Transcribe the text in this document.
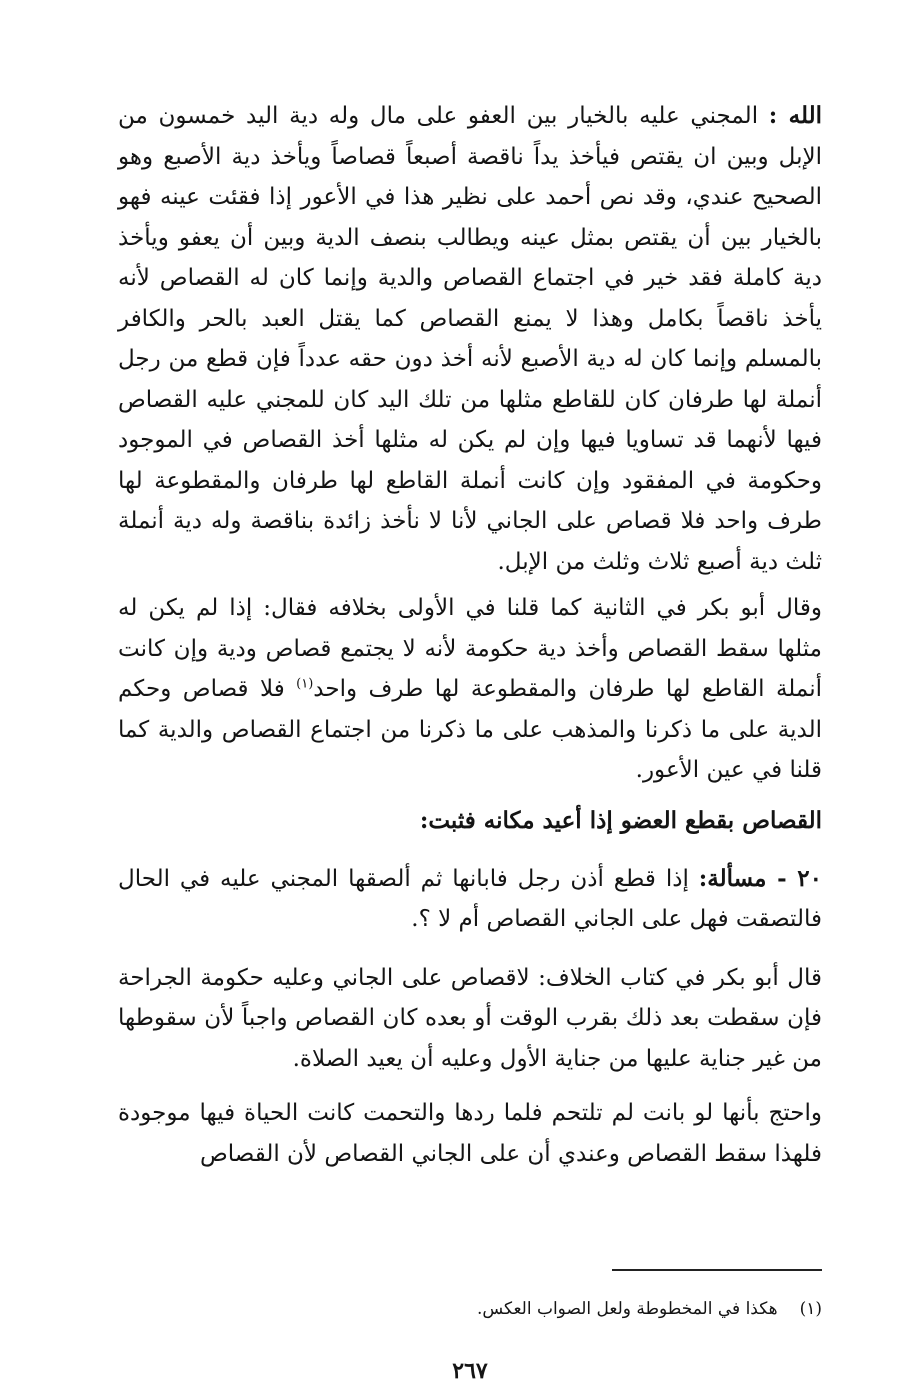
الله : المجني عليه بالخيار بين العفو على مال وله دية اليد خمسون من الإبل وبين ان يقتص فيأخذ يداً ناقصة أصبعاً قصاصاً ويأخذ دية الأصبع وهو الصحيح عندي، وقد نص أحمد على نظير هذا في الأعور إذا فقئت عينه فهو بالخيار بين أن يقتص بمثل عينه ويطالب بنصف الدية وبين أن يعفو ويأخذ دية كاملة فقد خير في اجتماع القصاص والدية وإنما كان له القصاص لأنه يأخذ ناقصاً بكامل وهذا لا يمنع القصاص كما يقتل العبد بالحر والكافر بالمسلم وإنما كان له دية الأصبع لأنه أخذ دون حقه عدداً فإن قطع من رجل أنملة لها طرفان كان للقاطع مثلها من تلك اليد كان للمجني عليه القصاص فيها لأنهما قد تساويا فيها وإن لم يكن له مثلها أخذ القصاص في الموجود وحكومة في المفقود وإن كانت أنملة القاطع لها طرفان والمقطوعة لها طرف واحد فلا قصاص على الجاني لأنا لا نأخذ زائدة بناقصة وله دية أنملة ثلث دية أصبع ثلاث وثلث من الإبل.

وقال أبو بكر في الثانية كما قلنا في الأولى بخلافه فقال: إذا لم يكن له مثلها سقط القصاص وأخذ دية حكومة لأنه لا يجتمع قصاص ودية وإن كانت أنملة القاطع لها طرفان والمقطوعة لها طرف واحد$^{(١)}$ فلا قصاص وحكم الدية على ما ذكرنا والمذهب على ما ذكرنا من اجتماع القصاص والدية كما قلنا في عين الأعور.

القصاص بقطع العضو إذا أعيد مكانه فثبت:

٢٠ - مسألة: إذا قطع أذن رجل فابانها ثم ألصقها المجني عليه في الحال فالتصقت فهل على الجاني القصاص أم لا ؟.

قال أبو بكر في كتاب الخلاف: لاقصاص على الجاني وعليه حكومة الجراحة فإن سقطت بعد ذلك بقرب الوقت أو بعده كان القصاص واجباً لأن سقوطها من غير جناية عليها من جناية الأول وعليه أن يعيد الصلاة.

واحتج بأنها لو بانت لم تلتحم فلما ردها والتحمت كانت الحياة فيها موجودة فلهذا سقط القصاص وعندي أن على الجاني القصاص لأن القصاص

(١)هكذا في المخطوطة ولعل الصواب العكس.
٢٦٧
